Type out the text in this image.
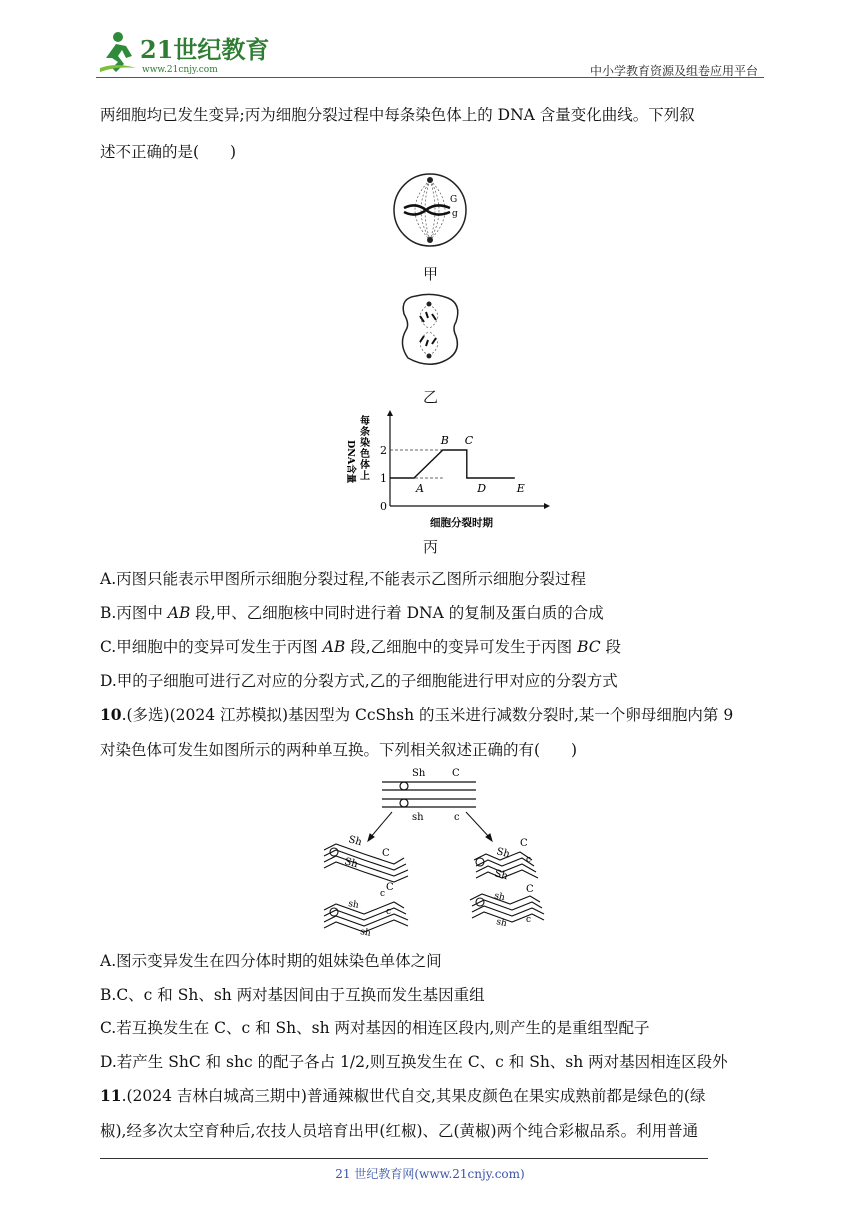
21世纪教育
www.21cnjy.com	中小学教育资源及组卷应用平台
两细胞均已发生变异;丙为细胞分裂过程中每条染色体上的 DNA 含量变化曲线。下列叙
述不正确的是(　　)
G
g
甲
乙
0
1
2
A
B C
D	E
细胞分裂时期
每
条
染
色
体
上
DNA含量
丙
A.丙图只能表示甲图所示细胞分裂过程,不能表示乙图所示细胞分裂过程
B.丙图中 AB 段,甲、乙细胞核中同时进行着 DNA 的复制及蛋白质的合成
C.甲细胞中的变异可发生于丙图 AB 段,乙细胞中的变异可发生于丙图 BC 段
D.甲的子细胞可进行乙对应的分裂方式,乙的子细胞能进行甲对应的分裂方式
10.(多选)(2024 江苏模拟)基因型为 CcShsh 的玉米进行减数分裂时,某一个卵母细胞内第 9
对染色体可发生如图所示的两种单互换。下列相关叙述正确的有(　　)
Sh	C
sh	c
Sh
Sh
C
C
Sh
Sh
C
c
sh
sh
c
c
sh
sh
C
c
A.图示变异发生在四分体时期的姐妹染色单体之间
B.C、c 和 Sh、sh 两对基因间由于互换而发生基因重组
C.若互换发生在 C、c 和 Sh、sh 两对基因的相连区段内,则产生的是重组型配子
D.若产生 ShC 和 shc 的配子各占 1/2,则互换发生在 C、c 和 Sh、sh 两对基因相连区段外
11.(2024 吉林白城高三期中)普通辣椒世代自交,其果皮颜色在果实成熟前都是绿色的(绿
椒),经多次太空育种后,农技人员培育出甲(红椒)、乙(黄椒)两个纯合彩椒品系。利用普通
21 世纪教育网(www.21cnjy.com)
